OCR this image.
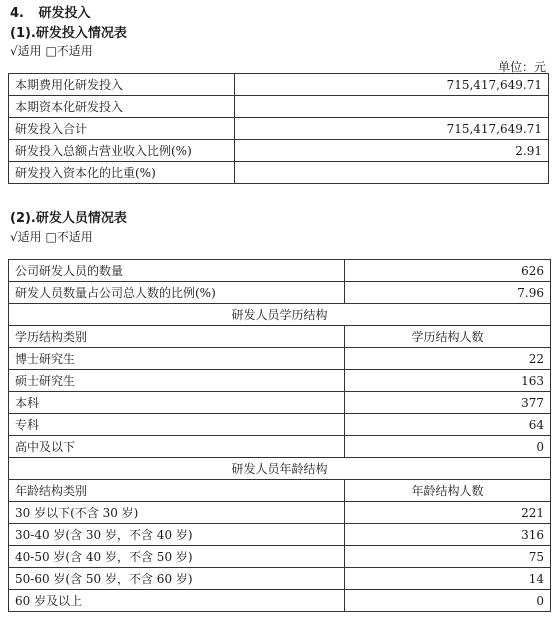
4. 研发投入
(1).研发投入情况表
√适用 □不适用
单位：元
本期费用化研发投入	715,417,649.71
本期资本化研发投入	
研发投入合计	715,417,649.71
研发投入总额占营业收入比例(%)	2.91
研发投入资本化的比重(%)	
(2).研发人员情况表
√适用 □不适用
公司研发人员的数量	626
研发人员数量占公司总人数的比例(%)	7.96
研发人员学历结构	
学历结构类别	学历结构人数
博士研究生	22
硕士研究生	163
本科	377
专科	64
高中及以下	0
研发人员年龄结构	
年龄结构类别	年龄结构人数
30 岁以下(不含 30 岁)	221
30-40 岁(含 30 岁，不含 40 岁)	316
40-50 岁(含 40 岁，不含 50 岁)	75
50-60 岁(含 50 岁，不含 60 岁)	14
60 岁及以上	0
